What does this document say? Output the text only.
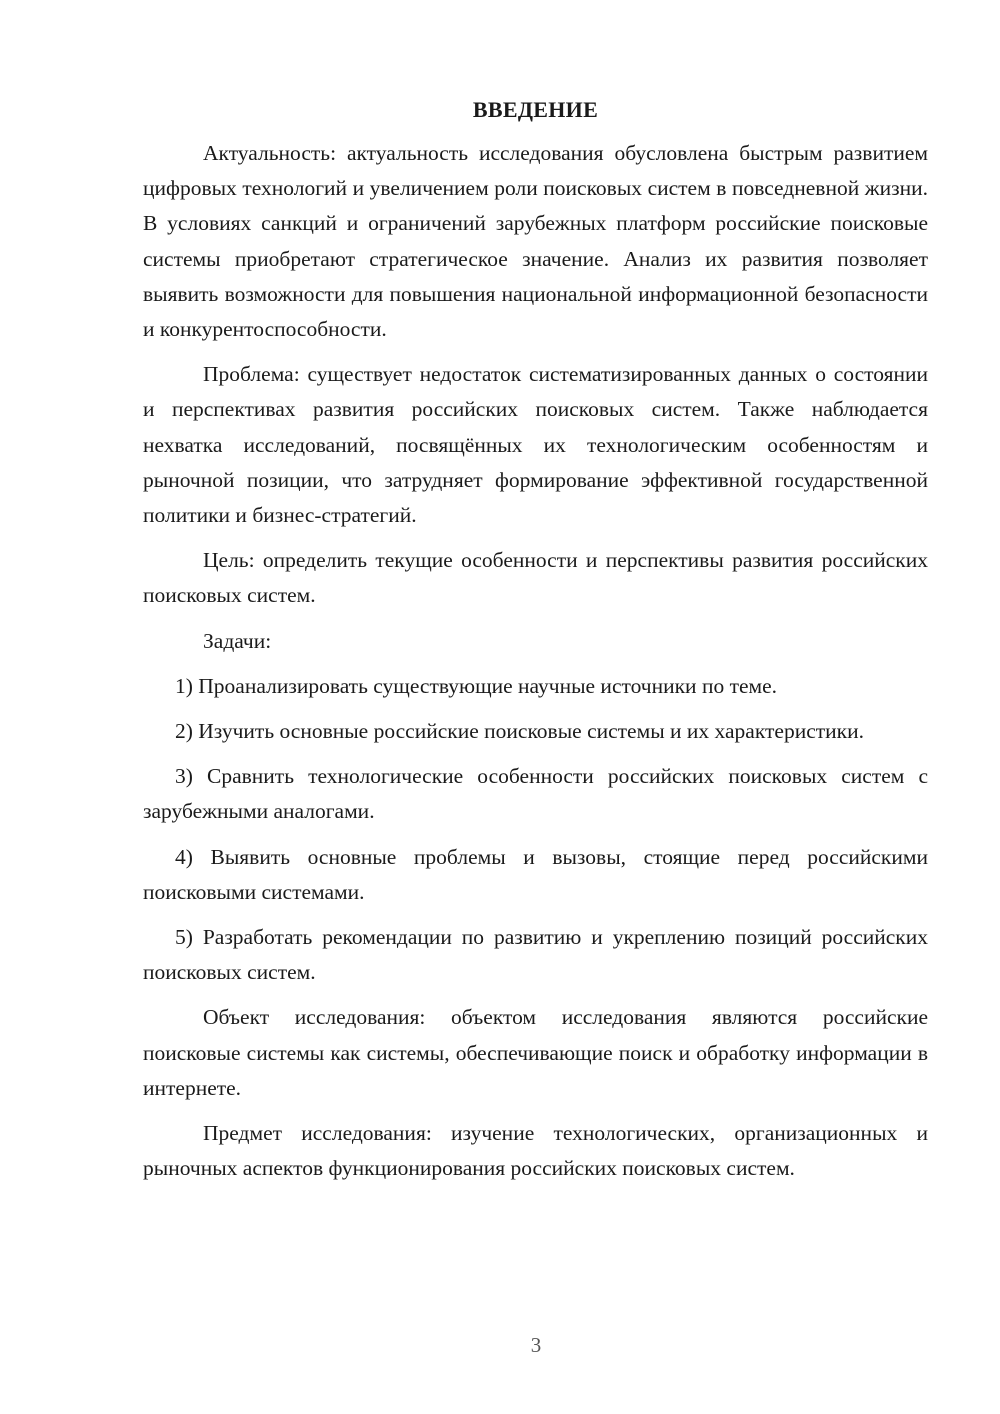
ВВЕДЕНИЕ

Актуальность: актуальность исследования обусловлена быстрым развитием цифровых технологий и увеличением роли поисковых систем в повседневной жизни. В условиях санкций и ограничений зарубежных платформ российские поисковые системы приобретают стратегическое значение. Анализ их развития позволяет выявить возможности для повышения национальной информационной безопасности и конкурентоспособности.

Проблема: существует недостаток систематизированных данных о состоянии и перспективах развития российских поисковых систем. Также наблюдается нехватка исследований, посвящённых их технологическим особенностям и рыночной позиции, что затрудняет формирование эффективной государственной политики и бизнес-стратегий.

Цель: определить текущие особенности и перспективы развития российских поисковых систем.

Задачи:

1) Проанализировать существующие научные источники по теме.

2) Изучить основные российские поисковые системы и их характеристики.

3) Сравнить технологические особенности российских поисковых систем с зарубежными аналогами.

4) Выявить основные проблемы и вызовы, стоящие перед российскими поисковыми системами.

5) Разработать рекомендации по развитию и укреплению позиций российских поисковых систем.

Объект исследования: объектом исследования являются российские поисковые системы как системы, обеспечивающие поиск и обработку информации в интернете.

Предмет исследования: изучение технологических, организационных и рыночных аспектов функционирования российских поисковых систем.

3
